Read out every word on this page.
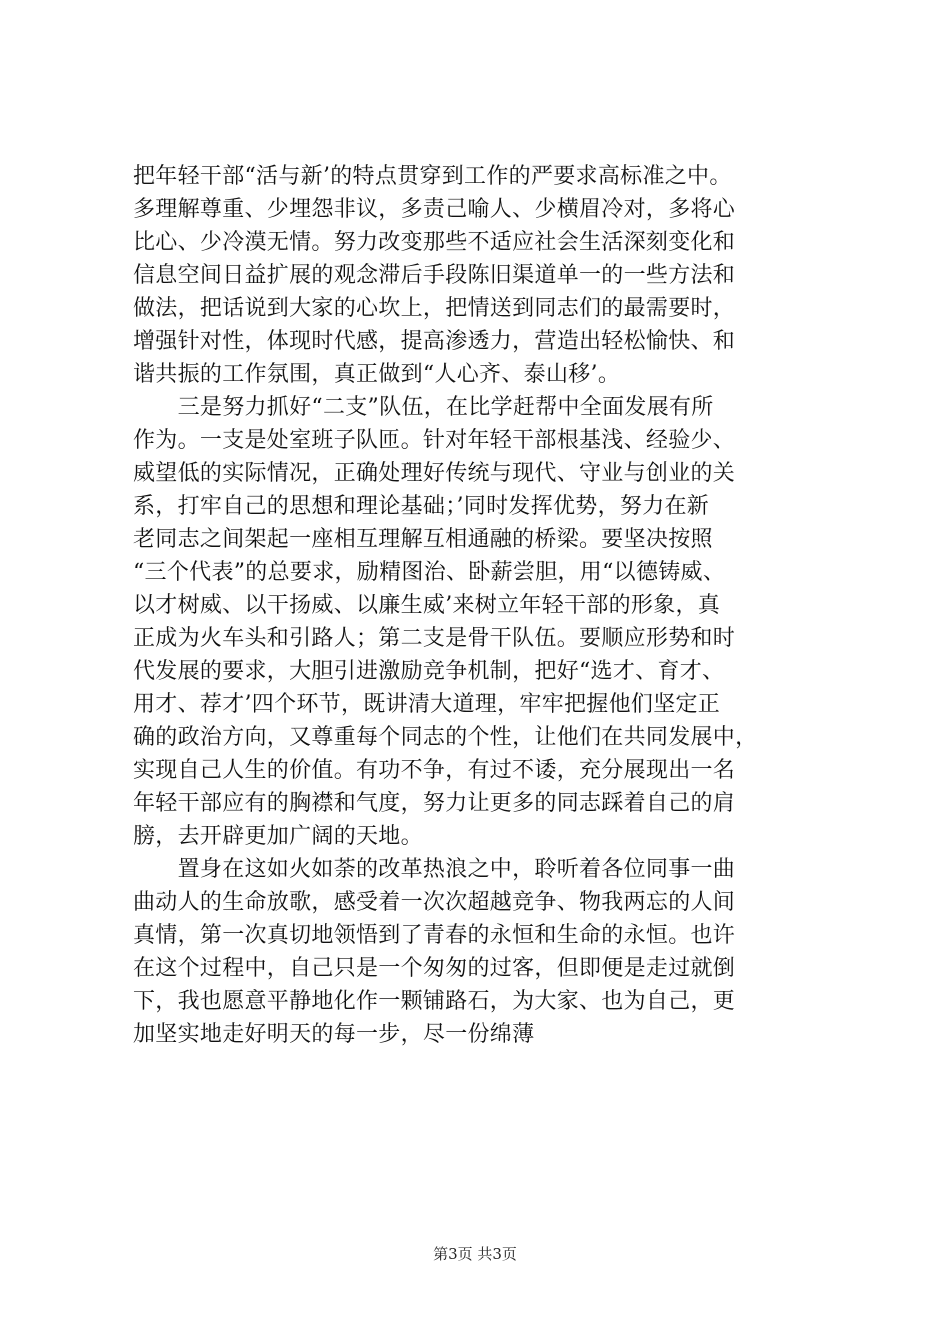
把年轻干部“活与新’的特点贯穿到工作的严要求高标准之中。
多理解尊重、少埋怨非议，多责己喻人、少横眉冷对，多将心
比心、少冷漠无情。努力改变那些不适应社会生活深刻变化和
信息空间日益扩展的观念滞后手段陈旧渠道单一的一些方法和
做法，把话说到大家的心坎上，把情送到同志们的最需要时，
增强针对性，体现时代感，提高渗透力，营造出轻松愉快、和
谐共振的工作氛围，真正做到“人心齐、泰山移’。
　　三是努力抓好“二支”队伍，在比学赶帮中全面发展有所
作为。一支是处室班子队匝。针对年轻干部根基浅、经验少、
威望低的实际情况，正确处理好传统与现代、守业与创业的关
系，打牢自己的思想和理论基础；’同时发挥优势，努力在新
老同志之间架起一座相互理解互相通融的桥梁。要坚决按照
“三个代表”的总要求，励精图治、卧薪尝胆，用“以德铸威、
以才树威、以干扬威、以廉生威’来树立年轻干部的形象，真
正成为火车头和引路人；第二支是骨干队伍。要顺应形势和时
代发展的要求，大胆引进激励竞争机制，把好“选才、育才、
用才、荐才’四个环节，既讲清大道理，牢牢把握他们坚定正
确的政治方向，又尊重每个同志的个性，让他们在共同发展中，
实现自己人生的价值。有功不争，有过不诿，充分展现出一名
年轻干部应有的胸襟和气度，努力让更多的同志踩着自己的肩
膀，去开辟更加广阔的天地。
　　置身在这如火如荼的改革热浪之中，聆听着各位同事一曲
曲动人的生命放歌，感受着一次次超越竞争、物我两忘的人间
真情，第一次真切地领悟到了青春的永恒和生命的永恒。也许
在这个过程中，自己只是一个匆匆的过客，但即便是走过就倒
下，我也愿意平静地化作一颗铺路石，为大家、也为自己，更
加坚实地走好明天的每一步，尽一份绵薄
第3页 共3页
